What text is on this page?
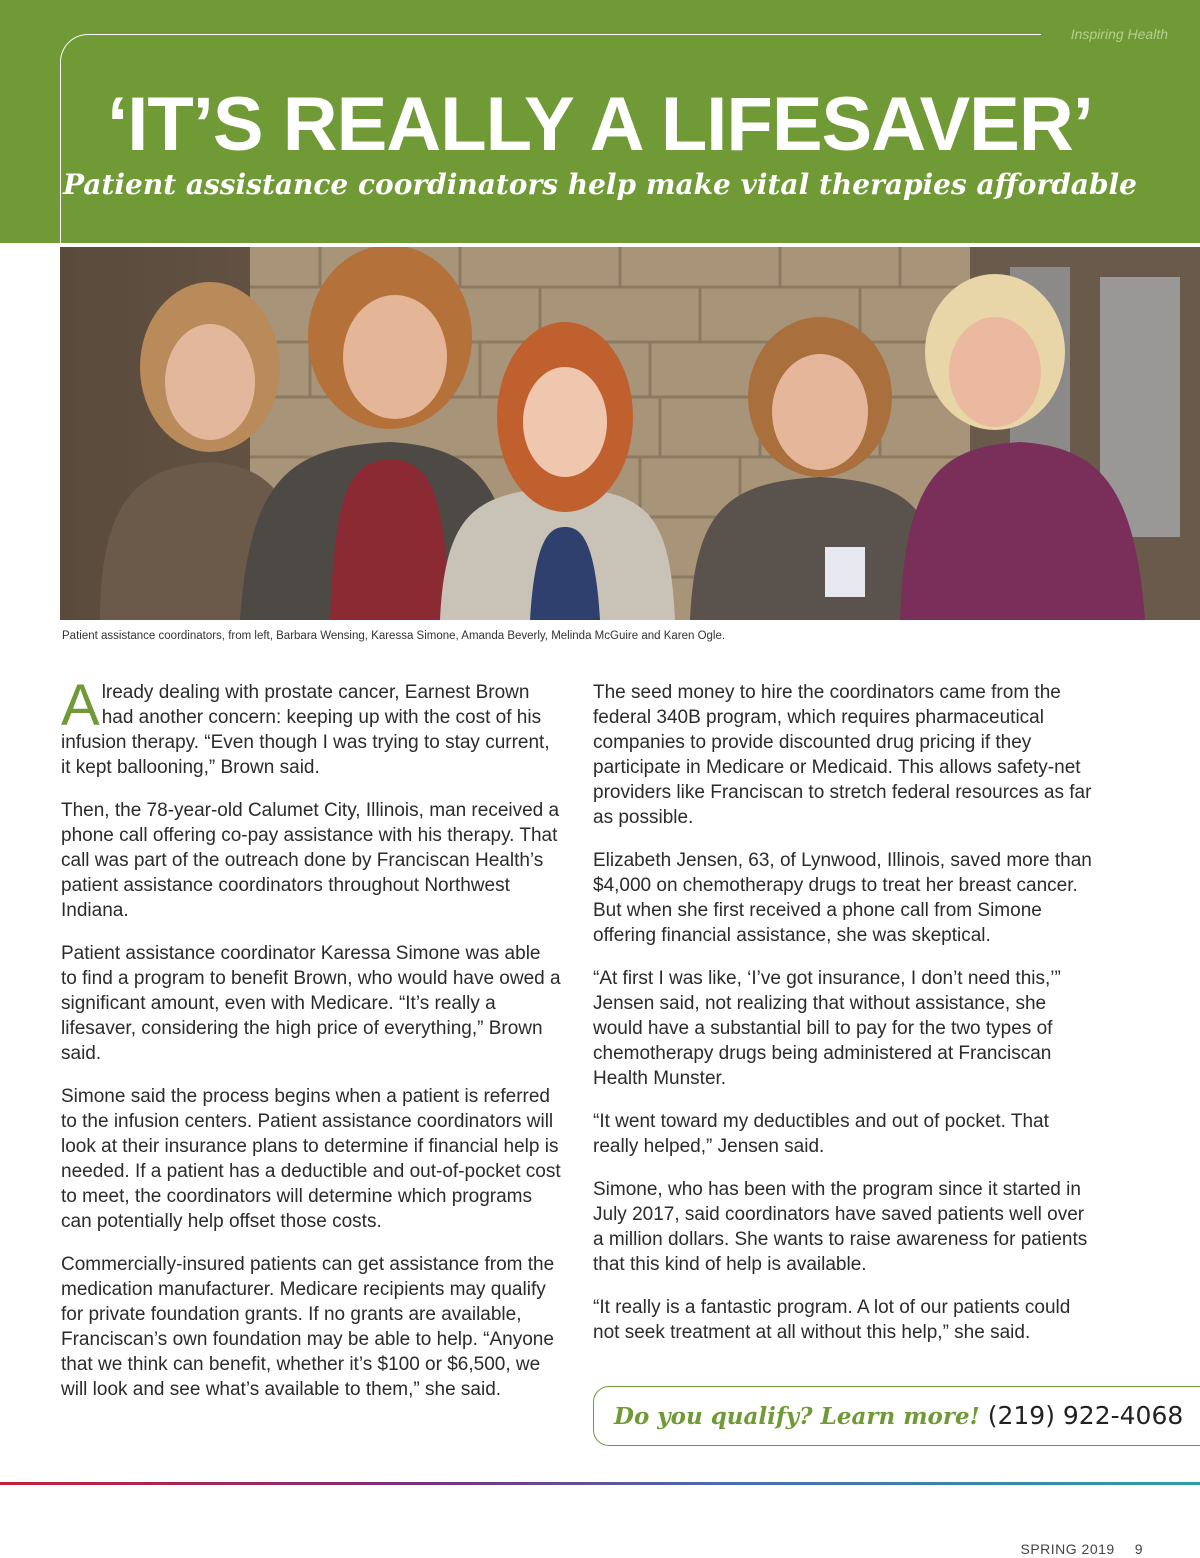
Inspiring Health
‘IT’S REALLY A LIFESAVER’
Patient assistance coordinators help make vital therapies affordable
Patient assistance coordinators, from left, Barbara Wensing, Karessa Simone, Amanda Beverly, Melinda McGuire and Karen Ogle.

Already dealing with prostate cancer, Earnest Brown had another concern: keeping up with the cost of his infusion therapy. “Even though I was trying to stay current, it kept ballooning,” Brown said.

Then, the 78-year-old Calumet City, Illinois, man received a phone call offering co-pay assistance with his therapy. That call was part of the outreach done by Franciscan Health’s patient assistance coordinators throughout Northwest Indiana.

Patient assistance coordinator Karessa Simone was able to find a program to benefit Brown, who would have owed a significant amount, even with Medicare. “It’s really a lifesaver, considering the high price of everything,” Brown said.

Simone said the process begins when a patient is referred to the infusion centers. Patient assistance coordinators will look at their insurance plans to determine if financial help is needed. If a patient has a deductible and out-of-pocket cost to meet, the coordinators will determine which programs can potentially help offset those costs.

Commercially-insured patients can get assistance from the medication manufacturer. Medicare recipients may qualify for private foundation grants. If no grants are available, Franciscan’s own foundation may be able to help. “Anyone that we think can benefit, whether it’s $100 or $6,500, we will look and see what’s available to them,” she said.

The seed money to hire the coordinators came from the federal 340B program, which requires pharmaceutical companies to provide discounted drug pricing if they participate in Medicare or Medicaid. This allows safety-net providers like Franciscan to stretch federal resources as far as possible.

Elizabeth Jensen, 63, of Lynwood, Illinois, saved more than $4,000 on chemotherapy drugs to treat her breast cancer. But when she first received a phone call from Simone offering financial assistance, she was skeptical.

“At first I was like, ‘I’ve got insurance, I don’t need this,’” Jensen said, not realizing that without assistance, she would have a substantial bill to pay for the two types of chemotherapy drugs being administered at Franciscan Health Munster.

“It went toward my deductibles and out of pocket. That really helped,” Jensen said.

Simone, who has been with the program since it started in July 2017, said coordinators have saved patients well over a million dollars. She wants to raise awareness for patients that this kind of help is available.

“It really is a fantastic program. A lot of our patients could not seek treatment at all without this help,” she said.

Do you qualify? Learn more! (219) 922-4068
SPRING 2019 9
